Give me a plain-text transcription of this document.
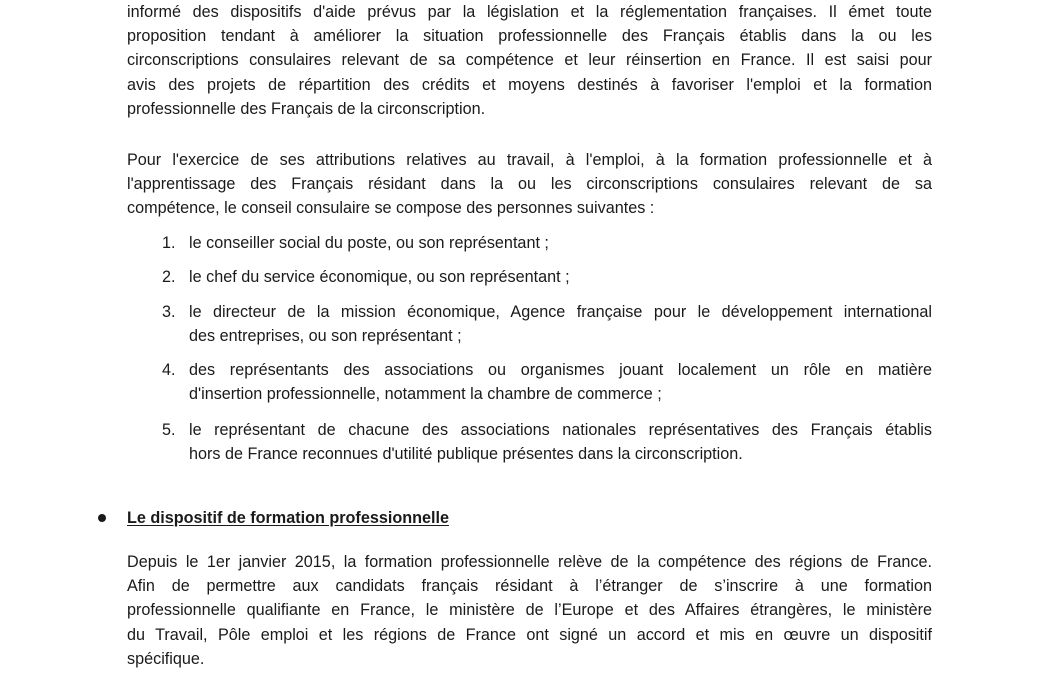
informé des dispositifs d'aide prévus par la législation et la réglementation françaises. Il émet toute
proposition tendant à améliorer la situation professionnelle des Français établis dans la ou les
circonscriptions consulaires relevant de sa compétence et leur réinsertion en France. Il est saisi pour
avis des projets de répartition des crédits et moyens destinés à favoriser l'emploi et la formation
professionnelle des Français de la circonscription.
Pour l'exercice de ses attributions relatives au travail, à l'emploi, à la formation professionnelle et à
l'apprentissage des Français résidant dans la ou les circonscriptions consulaires relevant de sa
compétence, le conseil consulaire se compose des personnes suivantes :
1. le conseiller social du poste, ou son représentant ;
2. le chef du service économique, ou son représentant ;
3. le directeur de la mission économique, Agence française pour le développement international
des entreprises, ou son représentant ;
4. des représentants des associations ou organismes jouant localement un rôle en matière
d'insertion professionnelle, notamment la chambre de commerce ;
5. le représentant de chacune des associations nationales représentatives des Français établis
hors de France reconnues d'utilité publique présentes dans la circonscription.
Le dispositif de formation professionnelle
Depuis le 1er janvier 2015, la formation professionnelle relève de la compétence des régions de France.
Afin de permettre aux candidats français résidant à l’étranger de s’inscrire à une formation
professionnelle qualifiante en France, le ministère de l’Europe et des Affaires étrangères, le ministère
du Travail, Pôle emploi et les régions de France ont signé un accord et mis en œuvre un dispositif
spécifique.
